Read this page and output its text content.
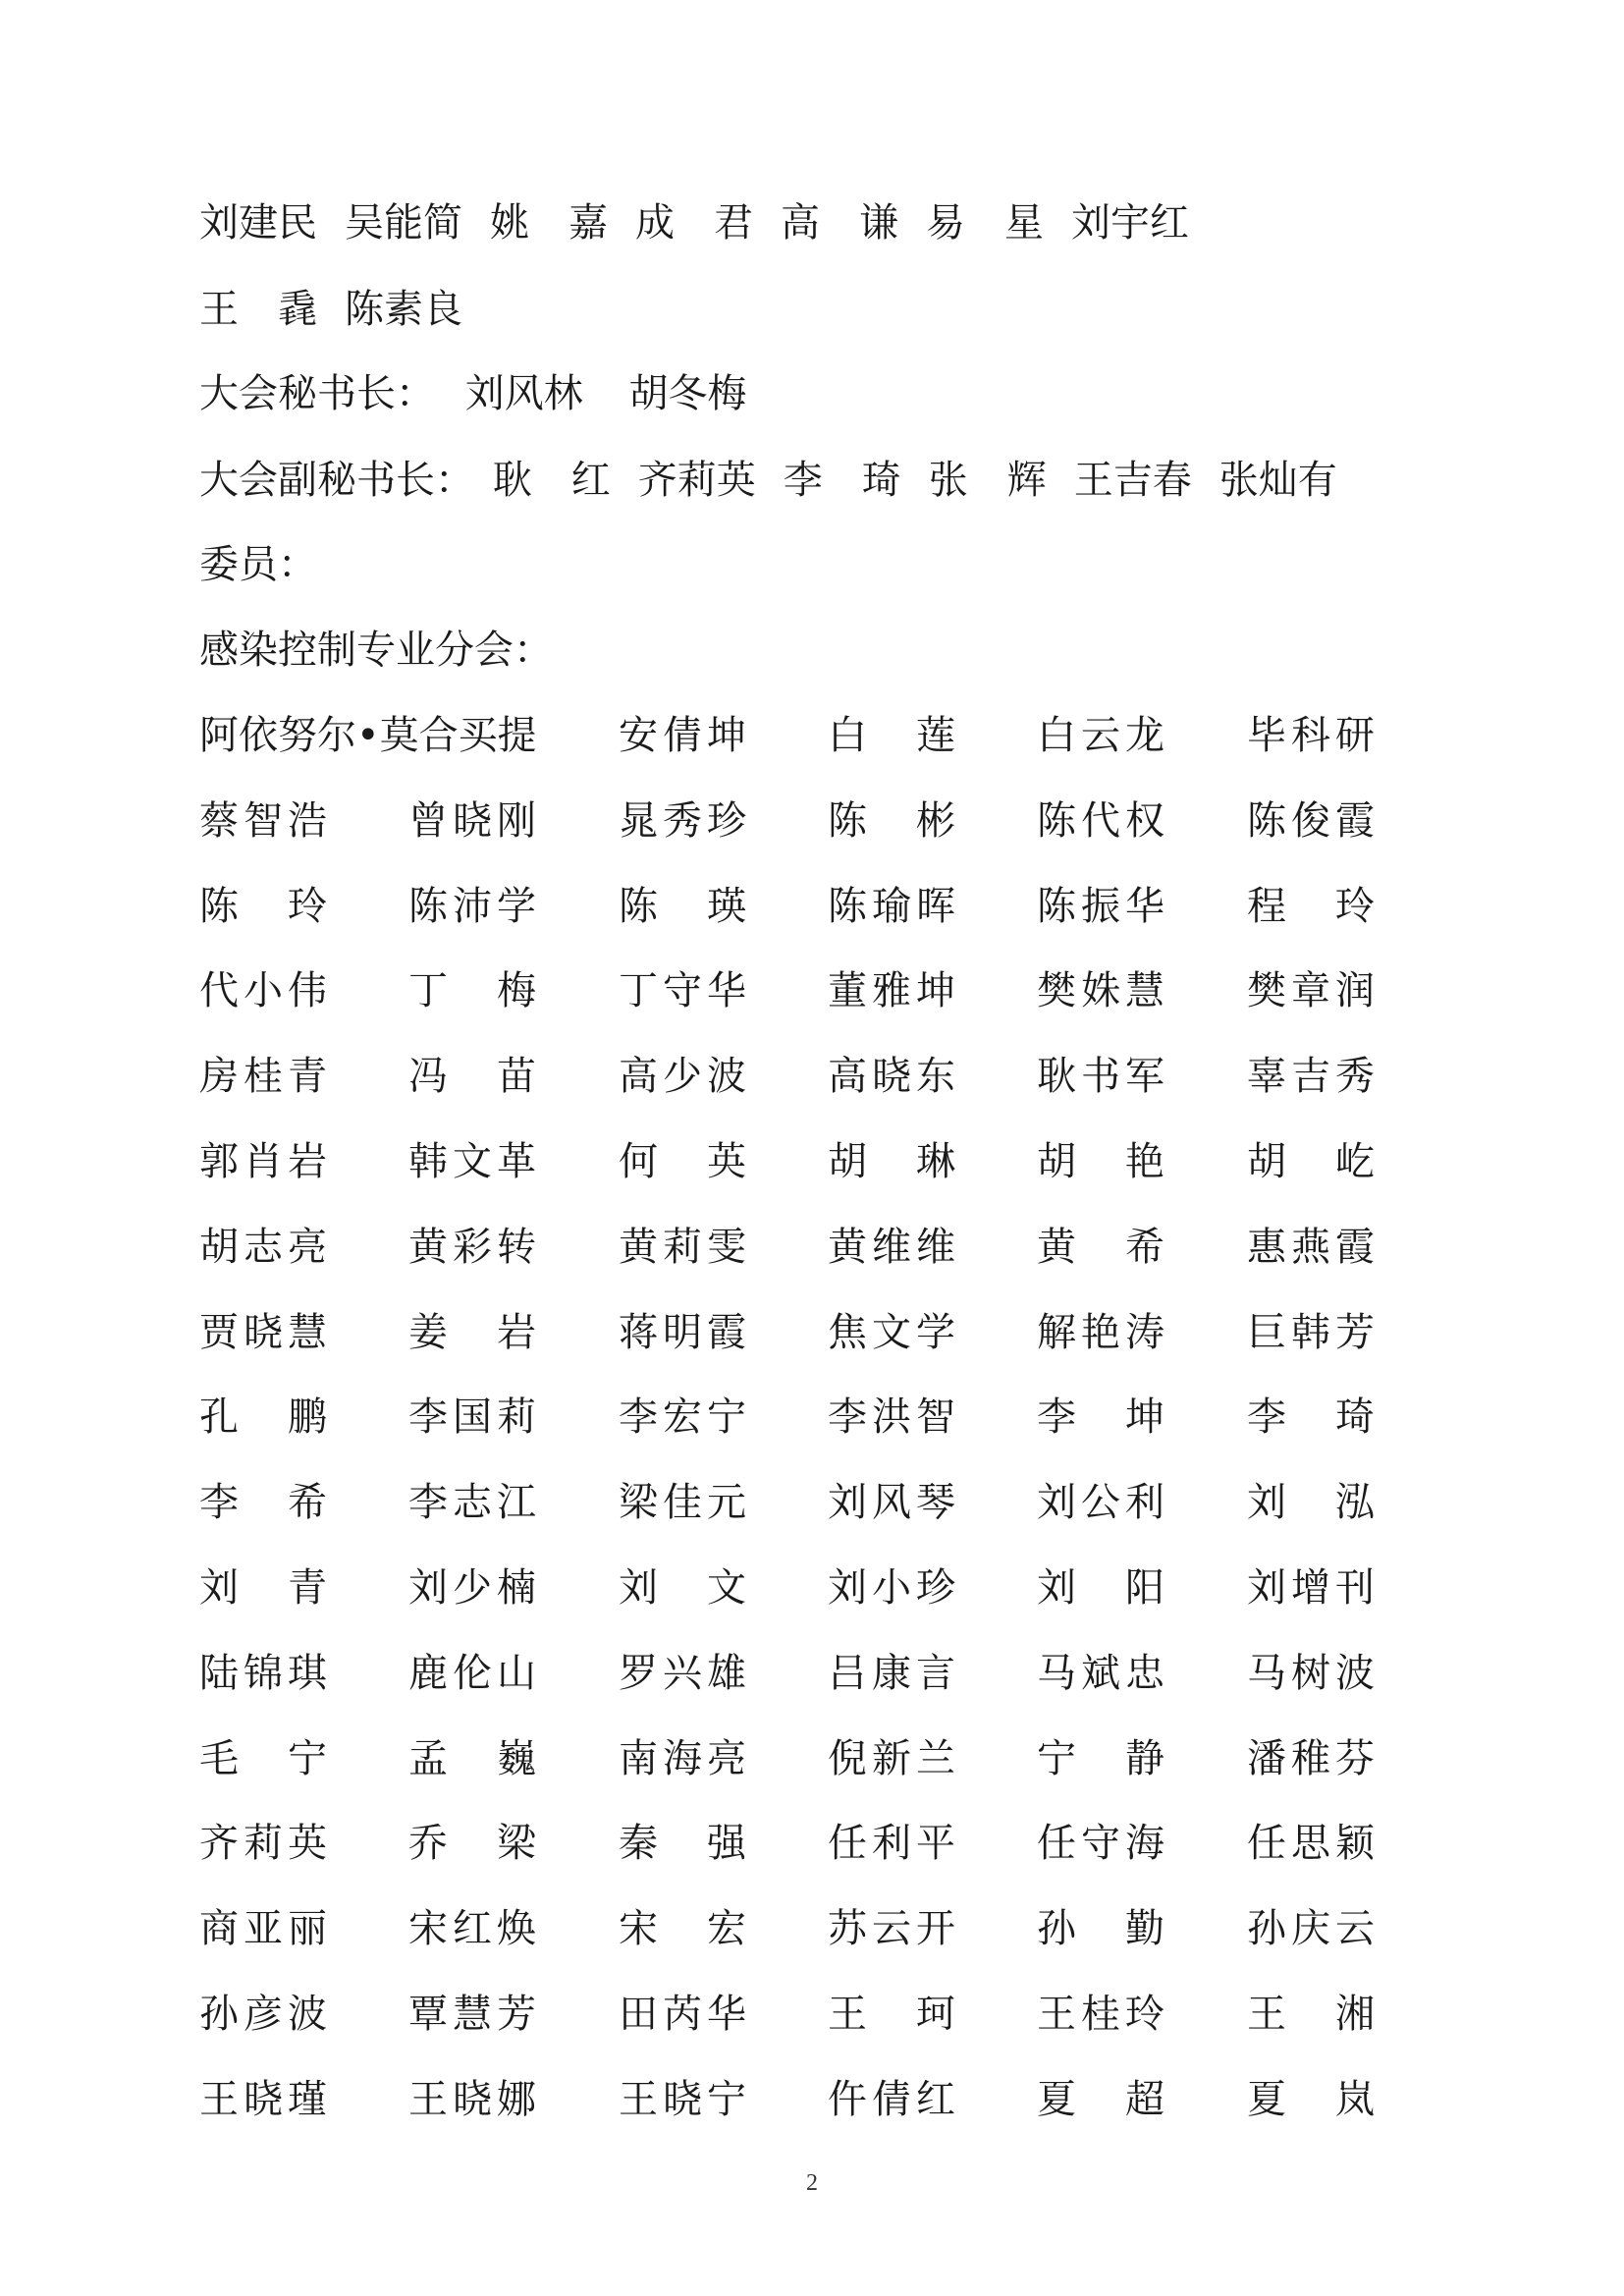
刘建民 吴能简 姚　嘉 成　君 高　谦 易　星 刘宇红
王　毳 陈素良
大会秘书长： 刘风林 胡冬梅
大会副秘书长： 耿　红 齐莉英 李　琦 张　辉 王吉春 张灿有
委员：
感染控制专业分会：
阿依努尔•莫合买提	安倩坤 白　莲 白云龙 毕科研
蔡智浩 曾晓刚 晁秀珍 陈　彬 陈代权 陈俊霞
陈　玲 陈沛学 陈　瑛 陈瑜晖 陈振华 程　玲
代小伟 丁　梅 丁守华 董雅坤 樊姝慧 樊章润
房桂青 冯　苗 高少波 高晓东 耿书军 辜吉秀
郭肖岩 韩文革 何　英 胡　琳 胡　艳 胡　屹
胡志亮 黄彩转 黄莉雯 黄维维 黄　希 惠燕霞
贾晓慧 姜　岩 蒋明霞 焦文学 解艳涛 巨韩芳
孔　鹏 李国莉 李宏宁 李洪智 李　坤 李　琦
李　希 李志江 梁佳元 刘风琴 刘公利 刘　泓
刘　青 刘少楠 刘　文 刘小珍 刘　阳 刘增刊
陆锦琪 鹿伦山 罗兴雄 吕康言 马斌忠 马树波
毛　宁 孟　巍 南海亮 倪新兰 宁　静 潘稚芬
齐莉英 乔　梁 秦　强 任利平 任守海 任思颖
商亚丽 宋红焕 宋　宏 苏云开 孙　勤 孙庆云
孙彦波 覃慧芳 田芮华 王　珂 王桂玲 王　湘
王晓瑾 王晓娜 王晓宁 仵倩红 夏　超 夏　岚
2
